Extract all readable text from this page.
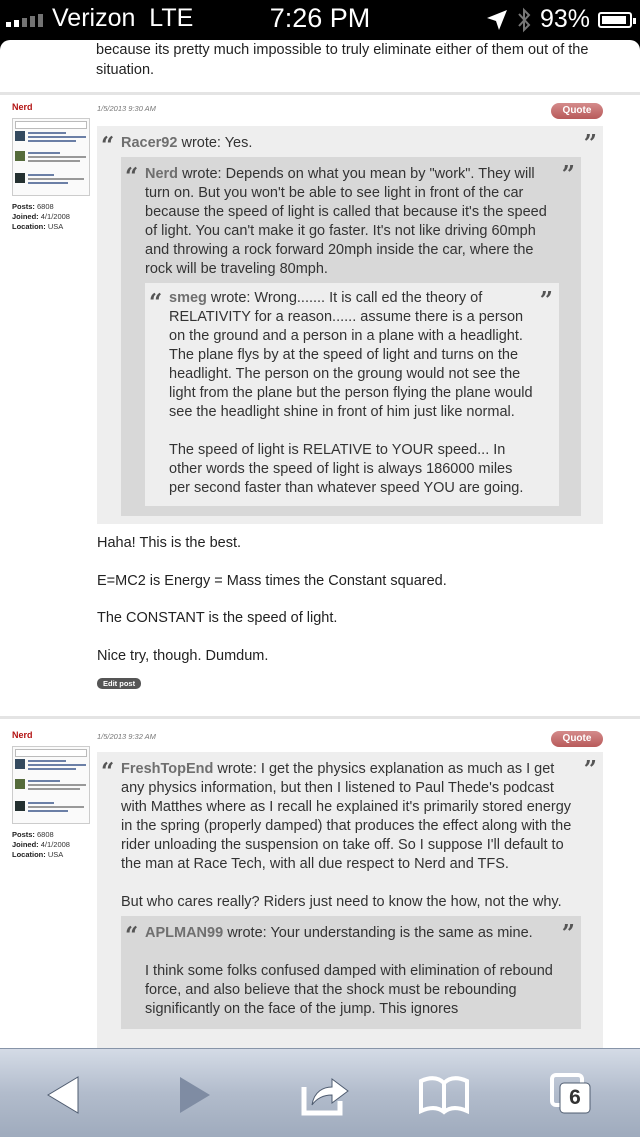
Verizon LTE	7:26 PM	93%
because its pretty much impossible to truly eliminate either of them out of the situation.
Nerd
Posts: 6808
Joined: 4/1/2008
Location: USA
1/5/2013 9:30 AM	Quote
“	”
Racer92 wrote: Yes.
“	”
Nerd wrote: Depends on what you mean by "work". They will turn on. But you won't be able to see light in front of the car because the speed of light is called that because it's the speed of light. You can't make it go faster. It's not like driving 60mph and throwing a rock forward 20mph inside the car, where the rock will be traveling 80mph.
“	”
smeg wrote: Wrong....... It is call ed the theory of RELATIVITY for a reason...... assume there is a person on the ground and a person in a plane with a headlight. The plane flys by at the speed of light and turns on the headlight. The person on the groung would not see the light from the plane but the person flying the plane would see the headlight shine in front of him just like normal.
The speed of light is RELATIVE to YOUR speed... In other words the speed of light is always 186000 miles per second faster than whatever speed YOU are going.
Haha! This is the best.
E=MC2 is Energy = Mass times the Constant squared.
The CONSTANT is the speed of light.
Nice try, though. Dumdum.
Edit post
Nerd
Posts: 6808
Joined: 4/1/2008
Location: USA
1/5/2013 9:32 AM	Quote
“	”
FreshTopEnd wrote: I get the physics explanation as much as I get any physics information, but then I listened to Paul Thede's podcast with Matthes where as I recall he explained it's primarily stored energy in the spring (properly damped) that produces the effect along with the rider unloading the suspension on take off. So I suppose I'll default to the man at Race Tech, with all due respect to Nerd and TFS.
But who cares really? Riders just need to know the how, not the why.
“	”
APLMAN99 wrote: Your understanding is the same as mine.
I think some folks confused damped with elimination of rebound force, and also believe that the shock must be rebounding significantly on the face of the jump. This ignores
6
